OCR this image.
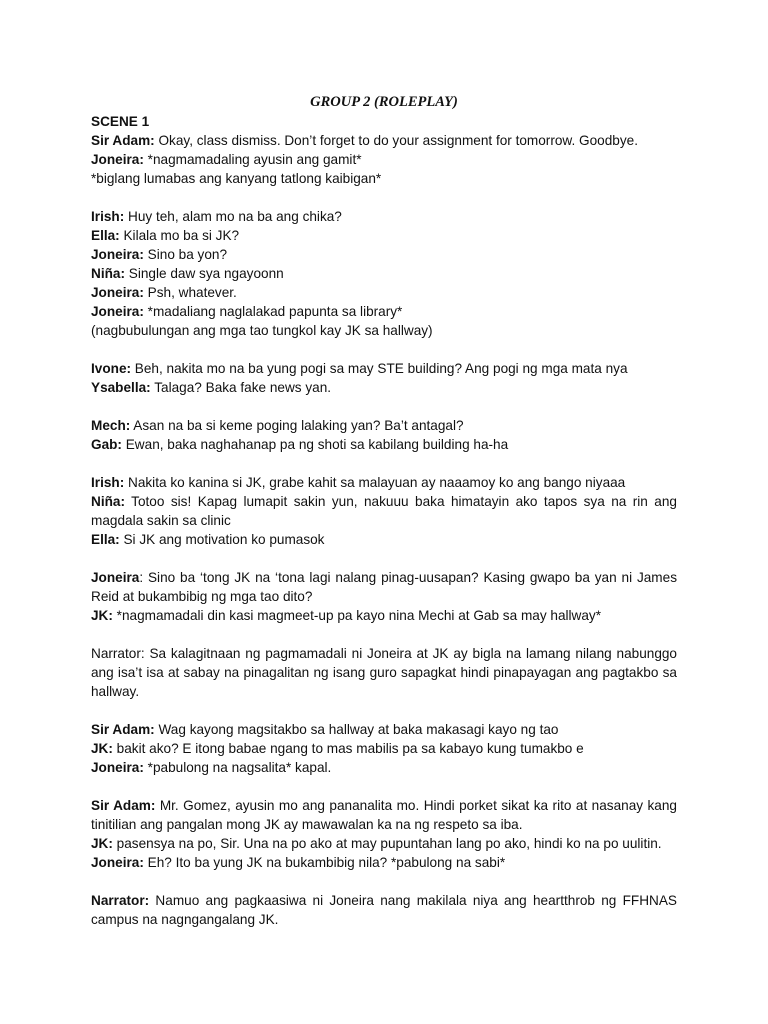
GROUP 2 (ROLEPLAY)
SCENE 1
Sir Adam: Okay, class dismiss. Don’t forget to do your assignment for tomorrow. Goodbye.
Joneira: *nagmamadaling ayusin ang gamit*
*biglang lumabas ang kanyang tatlong kaibigan*
Irish: Huy teh, alam mo na ba ang chika?
Ella: Kilala mo ba si JK?
Joneira: Sino ba yon?
Niña: Single daw sya ngayoonn
Joneira: Psh, whatever.
Joneira: *madaliang naglalakad papunta sa library*
(nagbubulungan ang mga tao tungkol kay JK sa hallway)
Ivone: Beh, nakita mo na ba yung pogi sa may STE building? Ang pogi ng mga mata nya
Ysabella: Talaga? Baka fake news yan.
Mech: Asan na ba si keme poging lalaking yan? Ba’t antagal?
Gab: Ewan, baka naghahanap pa ng shoti sa kabilang building ha-ha
Irish: Nakita ko kanina si JK, grabe kahit sa malayuan ay naaamoy ko ang bango niyaaa
Niña: Totoo sis! Kapag lumapit sakin yun, nakuuu baka himatayin ako tapos sya na rin ang magdala sakin sa clinic
Ella: Si JK ang motivation ko pumasok
Joneira: Sino ba ‘tong JK na ‘tona lagi nalang pinag-uusapan? Kasing gwapo ba yan ni James Reid at bukambibig ng mga tao dito?
JK: *nagmamadali din kasi magmeet-up pa kayo nina Mechi at Gab sa may hallway*
Narrator: Sa kalagitnaan ng pagmamadali ni Joneira at JK ay bigla na lamang nilang nabunggo ang isa’t isa at sabay na pinagalitan ng isang guro sapagkat hindi pinapayagan ang pagtakbo sa hallway.
Sir Adam: Wag kayong magsitakbo sa hallway at baka makasagi kayo ng tao
JK: bakit ako? E itong babae ngang to mas mabilis pa sa kabayo kung tumakbo e
Joneira: *pabulong na nagsalita* kapal.
Sir Adam: Mr. Gomez, ayusin mo ang pananalita mo. Hindi porket sikat ka rito at nasanay kang tinitilian ang pangalan mong JK ay mawawalan ka na ng respeto sa iba.
JK: pasensya na po, Sir. Una na po ako at may pupuntahan lang po ako, hindi ko na po uulitin.
Joneira: Eh? Ito ba yung JK na bukambibig nila? *pabulong na sabi*
Narrator: Namuo ang pagkaasiwa ni Joneira nang makilala niya ang heartthrob ng FFHNAS campus na nagngangalang JK.
